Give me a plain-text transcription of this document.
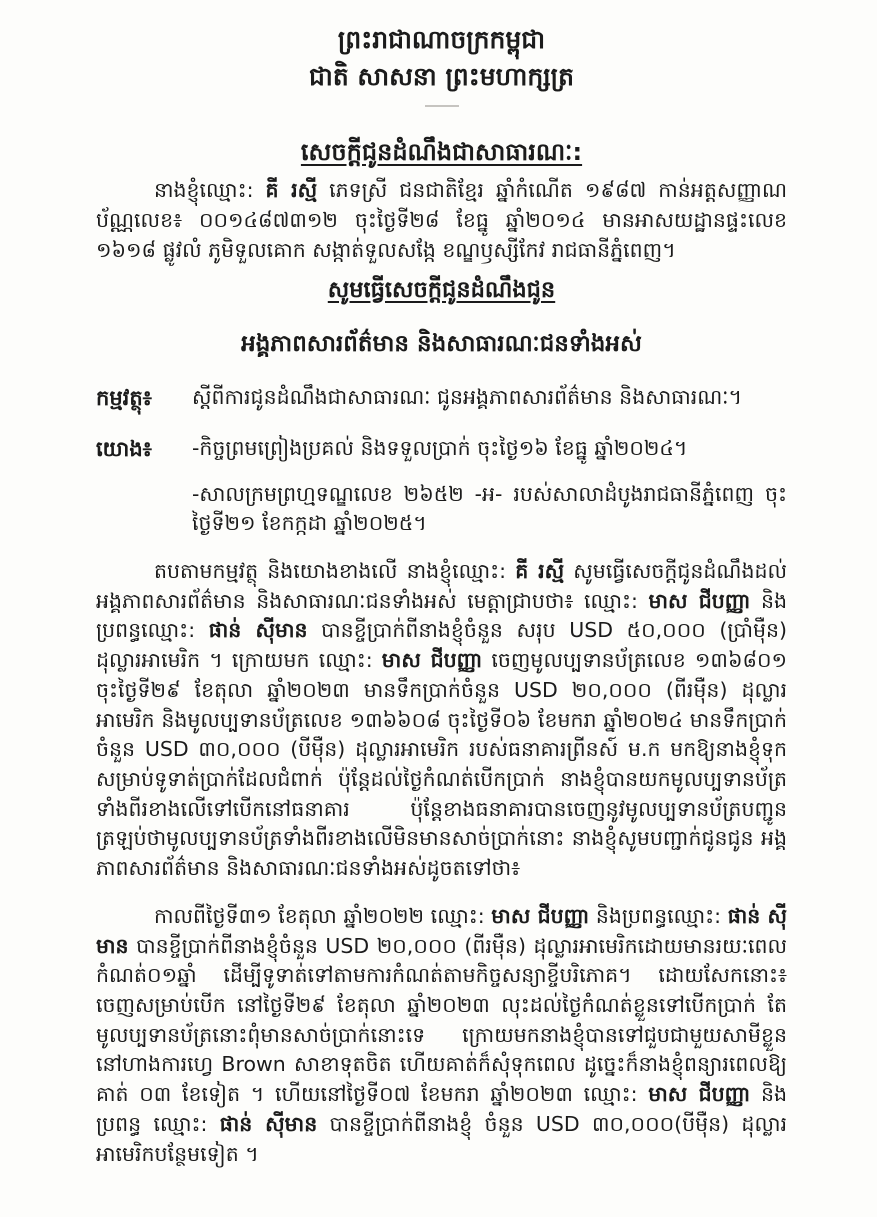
ព្រះរាជាណាចក្រកម្ពុជា

ជាតិ សាសនា ព្រះមហាក្សត្រ

សេចក្ដីជូនដំណឹងជាសាធារណៈ:

នាងខ្ញុំឈ្មោះ: គី រស្មី ភេទស្រី ជនជាតិខ្មែរ ឆ្នាំកំណើត ១៩៨៧ កាន់អត្តសញ្ញាណប័ណ្ណលេខ៖ ០០១៤៨៧៣១២ ចុះថ្ងៃទី២៨ ខែធ្នូ ឆ្នាំ២០១៤ មានអាសយដ្ឋានផ្ទះលេខ ១៦១៨ ផ្លូវលំ ភូមិទួលគោក សង្កាត់ទួលសង្កែ ខណ្ឌឫស្សីកែវ រាជធានីភ្នំពេញ។

សូមធ្វើសេចក្ដីជូនដំណឹងជូន

អង្គភាពសារព័ត៌មាន និងសាធារណៈជនទាំងអស់

កម្មវត្ថុ៖	ស្ដីពីការជូនដំណឹងជាសាធារណៈ ជូនអង្គភាពសារព័ត៌មាន និងសាធារណៈ។
យោង៖	-កិច្ចព្រមព្រៀងប្រគល់ និងទទួលប្រាក់ ចុះថ្ងៃ១៦ ខែធ្នូ ឆ្នាំ២០២៤។

-សាលក្រមព្រហ្មទណ្ឌលេខ ២៦៥២ -អ- របស់សាលាដំបូងរាជធានីភ្នំពេញ ចុះថ្ងៃទី២១ ខែកក្កដា ឆ្នាំ២០២៥។

តបតាមកម្មវត្ថុ និងយោងខាងលើ នាងខ្ញុំឈ្មោះ: គី រស្មី សូមធ្វើសេចក្ដីជូនដំណឹងដល់ អង្គភាពសារព័ត៌មាន និងសាធារណៈជនទាំងអស់ មេត្តាជ្រាបថា៖ ឈ្មោះ: មាស ជីបញ្ញា និងប្រពន្ធឈ្មោះ: ផាន់ ស៊ីមាន បានខ្ចីប្រាក់ពីនាងខ្ញុំចំនួន សរុប USD ៥០,០០០ (ប្រាំម៉ឺន) ដុល្លារអាមេរិក ។ ក្រោយមក ឈ្មោះ: មាស ជីបញ្ញា ចេញមូលប្បទានប័ត្រលេខ ១៣៦៨០១ ចុះថ្ងៃទី២៩ ខែតុលា ឆ្នាំ២០២៣ មានទឹកប្រាក់ចំនួន USD ២០,០០០ (ពីរម៉ឺន) ដុល្លារអាមេរិក និងមូលប្បទានប័ត្រលេខ ១៣៦៦០៨ ចុះថ្ងៃទី០៦ ខែមករា ឆ្នាំ២០២៤ មានទឹកប្រាក់ ចំនួន USD ៣០,០០០ (បីម៉ឺន) ដុល្លារអាមេរិក របស់ធនាគារព្រីនស៍ ម.ក មកឱ្យនាងខ្ញុំទុកសម្រាប់ទូទាត់ប្រាក់ដែលជំពាក់ ប៉ុន្តែដល់ថ្ងៃកំណត់បើកប្រាក់ នាងខ្ញុំបានយកមូលប្បទានប័ត្រទាំងពីរខាងលើទៅបើកនៅធនាគារ ប៉ុន្តែខាងធនាគារបានចេញនូវមូលប្បទានប័ត្របញ្ជូនត្រឡប់ថាមូលប្បទានប័ត្រទាំងពីរខាងលើមិនមានសាច់ប្រាក់នោះ នាងខ្ញុំសូមបញ្ជាក់ជូនជូន អង្គភាពសារព័ត៌មាន និងសាធារណៈជនទាំងអស់ដូចតទៅថា៖

កាលពីថ្ងៃទី៣១ ខែតុលា ឆ្នាំ២០២២ ឈ្មោះ: មាស ជីបញ្ញា និងប្រពន្ធឈ្មោះ: ផាន់ ស៊ីមាន បានខ្ចីប្រាក់ពីនាងខ្ញុំចំនួន USD ២០,០០០ (ពីរម៉ឺន) ដុល្លារអាមេរិកដោយមានរយៈពេលកំណត់០១ឆ្នាំ ដើម្បីទូទាត់ទៅតាមការកំណត់តាមកិច្ចសន្យាខ្ចីបរិភោគ។ ដោយសែកនោះ៖ ចេញសម្រាប់បើក នៅថ្ងៃទី២៩ ខែតុលា ឆ្នាំ២០២៣ លុះដល់ថ្ងៃកំណត់ខ្លួនទៅបើកប្រាក់ តែមូលប្បទានប័ត្រនោះពុំមានសាច់ប្រាក់នោះទេ ក្រោយមកនាងខ្ញុំបានទៅជួបជាមួយសាមីខ្លួននៅហាងការហ្វេ Brown សាខាទុតចិត ហើយគាត់ក៏សុំទុកពេល ដូច្នេះក៏នាងខ្ញុំពន្យារពេលឱ្យគាត់ ០៣ ខែទៀត ។ ហើយនៅថ្ងៃទី០៧ ខែមករា ឆ្នាំ២០២៣ ឈ្មោះ: មាស ជីបញ្ញា និងប្រពន្ធ ឈ្មោះ: ផាន់ ស៊ីមាន បានខ្ចីប្រាក់ពីនាងខ្ញុំ ចំនួន USD ៣០,០០០(បីម៉ឺន) ដុល្លារអាមេរិកបន្ថែមទៀត ។
